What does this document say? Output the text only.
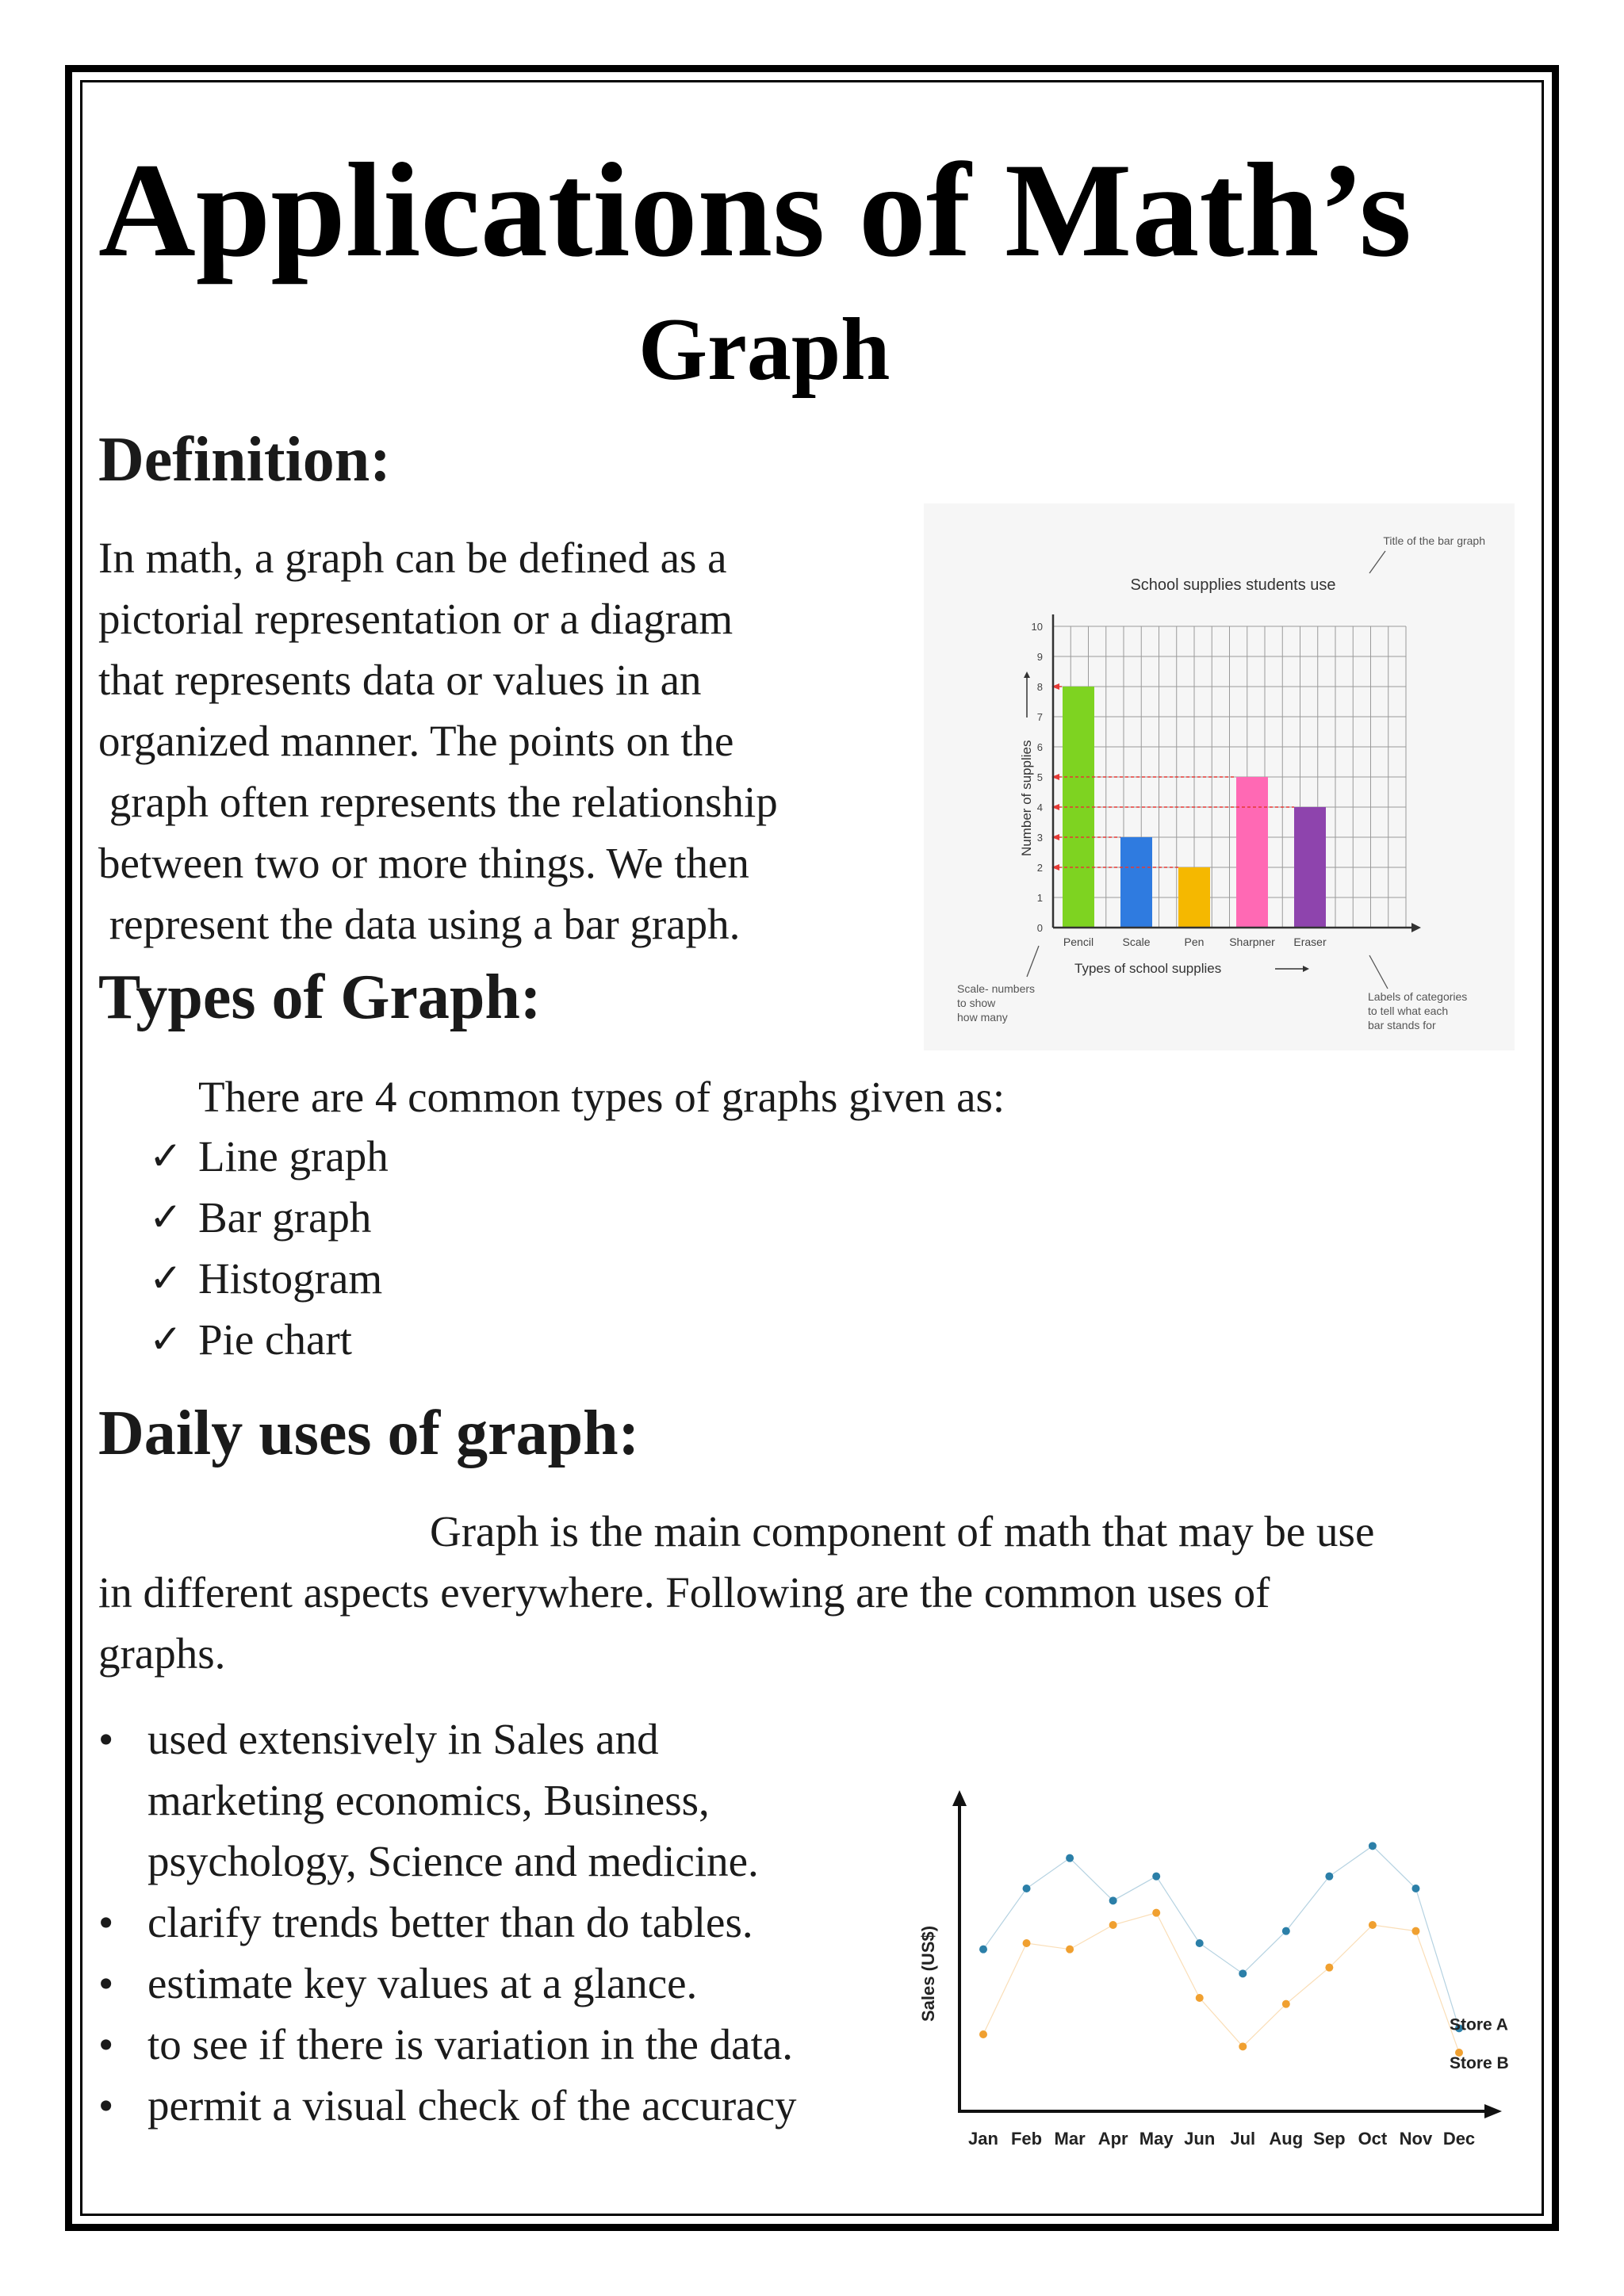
Applications of Math’s
Graph
Definition:
In math, a graph can be defined as a
pictorial representation or a diagram
that represents data or values in an
organized manner. The points on the
graph often represents the relationship
between two or more things. We then
represent the data using a bar graph.	0
1
2
3
4
5
6
7
8
9
10
Pencil	Scale	Pen Sharpner Eraser
School supplies students use
Types of school supplies
Number of supplies
Title of the bar graph
Scale- numbers to show how many
Labels of categories to tell what each bar stands for
Types of Graph:
There are 4 common types of graphs given as:
✓ Line graph
✓ Bar graph
✓ Histogram
✓ Pie chart
Daily uses of graph:
Graph is the main component of math that may be use
in different aspects everywhere. Following are the common uses of
graphs.
• used extensively in Sales and
marketing economics, Business,
psychology, Science and medicine.
• clarify trends better than do tables.
• estimate key values at a glance.
• to see if there is variation in the data.
• permit a visual check of the accuracy
Sales (US$)
Jan Feb Mar Apr May Jun Jul Aug Sep Oct Nov Dec
Store A
Store B
